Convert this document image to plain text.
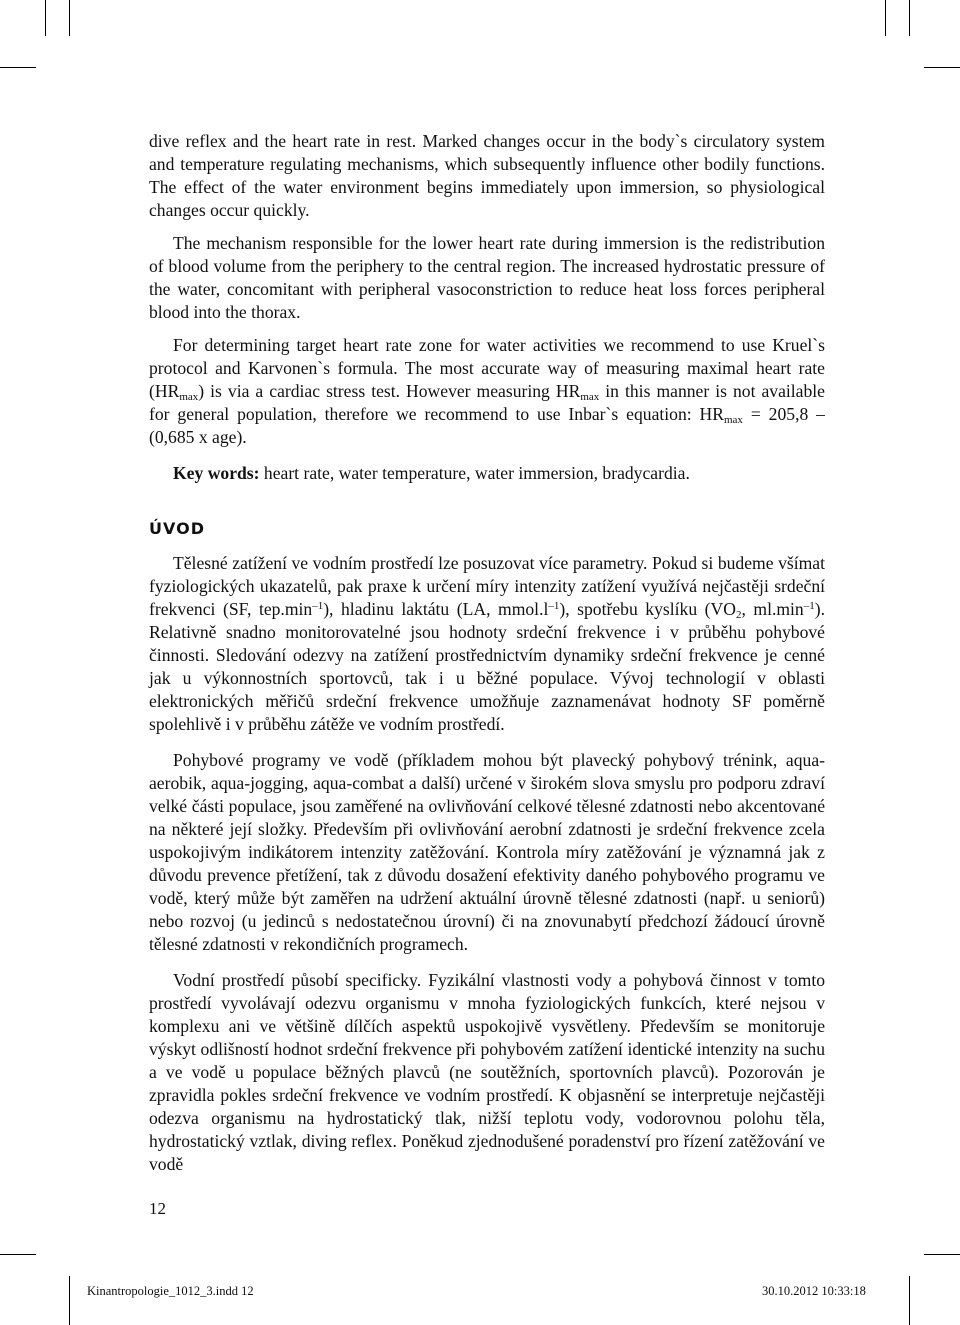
dive reflex and the heart rate in rest. Marked changes occur in the body`s circulatory system and temperature regulating mechanisms, which subsequently influence other bodily functions. The effect of the water environment begins immediately upon immersion, so physiological changes occur quickly.

The mechanism responsible for the lower heart rate during immersion is the redistribution of blood volume from the periphery to the central region. The increased hydrostatic pressure of the water, concomitant with peripheral vasoconstriction to reduce heat loss forces peripheral blood into the thorax.

For determining target heart rate zone for water activities we recommend to use Kruel`s protocol and Karvonen`s formula. The most accurate way of measuring maximal heart rate $(HR_{max})$ is via a cardiac stress test. However measuring $HR_{max}$ in this manner is not available for general population, therefore we recommend to use Inbar`s equation: $HR_{max} = 205,8 - (0,685$ x age).

Key words: heart rate, water temperature, water immersion, bradycardia.

ÚVOD

Tělesné zatížení ve vodním prostředí lze posuzovat více parametry. Pokud si budeme všímat fyziologických ukazatelů, pak praxe k určení míry intenzity zatížení využívá nejčastěji srdeční frekvenci (SF, $tep.\min^{-1}$), hladinu laktátu (LA, $mmol.l^{-1}$), spotřebu kyslíku ($VO_2$, $ml.\min^{-1}$). Relativně snadno monitorovatelné jsou hodnoty srdeční frekvence i v průběhu pohybové činnosti. Sledování odezvy na zatížení prostřednictvím dynamiky srdeční frekvence je cenné jak u výkonnostních sportovců, tak i u běžné populace. Vývoj technologií v oblasti elektronických měřičů srdeční frekvence umožňuje zaznamenávat hodnoty SF poměrně spolehlivě i v průběhu zátěže ve vodním prostředí.

Pohybové programy ve vodě (příkladem mohou být plavecký pohybový trénink, aqua-aerobik, aqua-jogging, aqua-combat a další) určené v širokém slova smyslu pro podporu zdraví velké části populace, jsou zaměřené na ovlivňování celkové tělesné zdatnosti nebo akcentované na některé její složky. Především při ovlivňování aerobní zdatnosti je srdeční frekvence zcela uspokojivým indikátorem intenzity zatěžování. Kontrola míry zatěžování je významná jak z důvodu prevence přetížení, tak z důvodu dosažení efektivity daného pohybového programu ve vodě, který může být zaměřen na udržení aktuální úrovně tělesné zdatnosti (např. u seniorů) nebo rozvoj (u jedinců s nedostatečnou úrovní) či na znovunabytí předchozí žádoucí úrovně tělesné zdatnosti v rekondičních programech.

Vodní prostředí působí specificky. Fyzikální vlastnosti vody a pohybová činnost v tomto prostředí vyvolávají odezvu organismu v mnoha fyziologických funkcích, které nejsou v komplexu ani ve většině dílčích aspektů uspokojivě vysvětleny. Především se monitoruje výskyt odlišností hodnot srdeční frekvence při pohybovém zatížení identické intenzity na suchu a ve vodě u populace běžných plavců (ne soutěžních, sportovních plavců). Pozorován je zpravidla pokles srdeční frekvence ve vodním prostředí. K objasnění se interpretuje nejčastěji odezva organismu na hydrostatický tlak, nižší teplotu vody, vodorovnou polohu těla, hydrostatický vztlak, diving reflex. Poněkud zjednodušené poradenství pro řízení zatěžování ve vodě

12
Kinantropologie_1012_3.indd 12	30.10.2012 10:33:18
